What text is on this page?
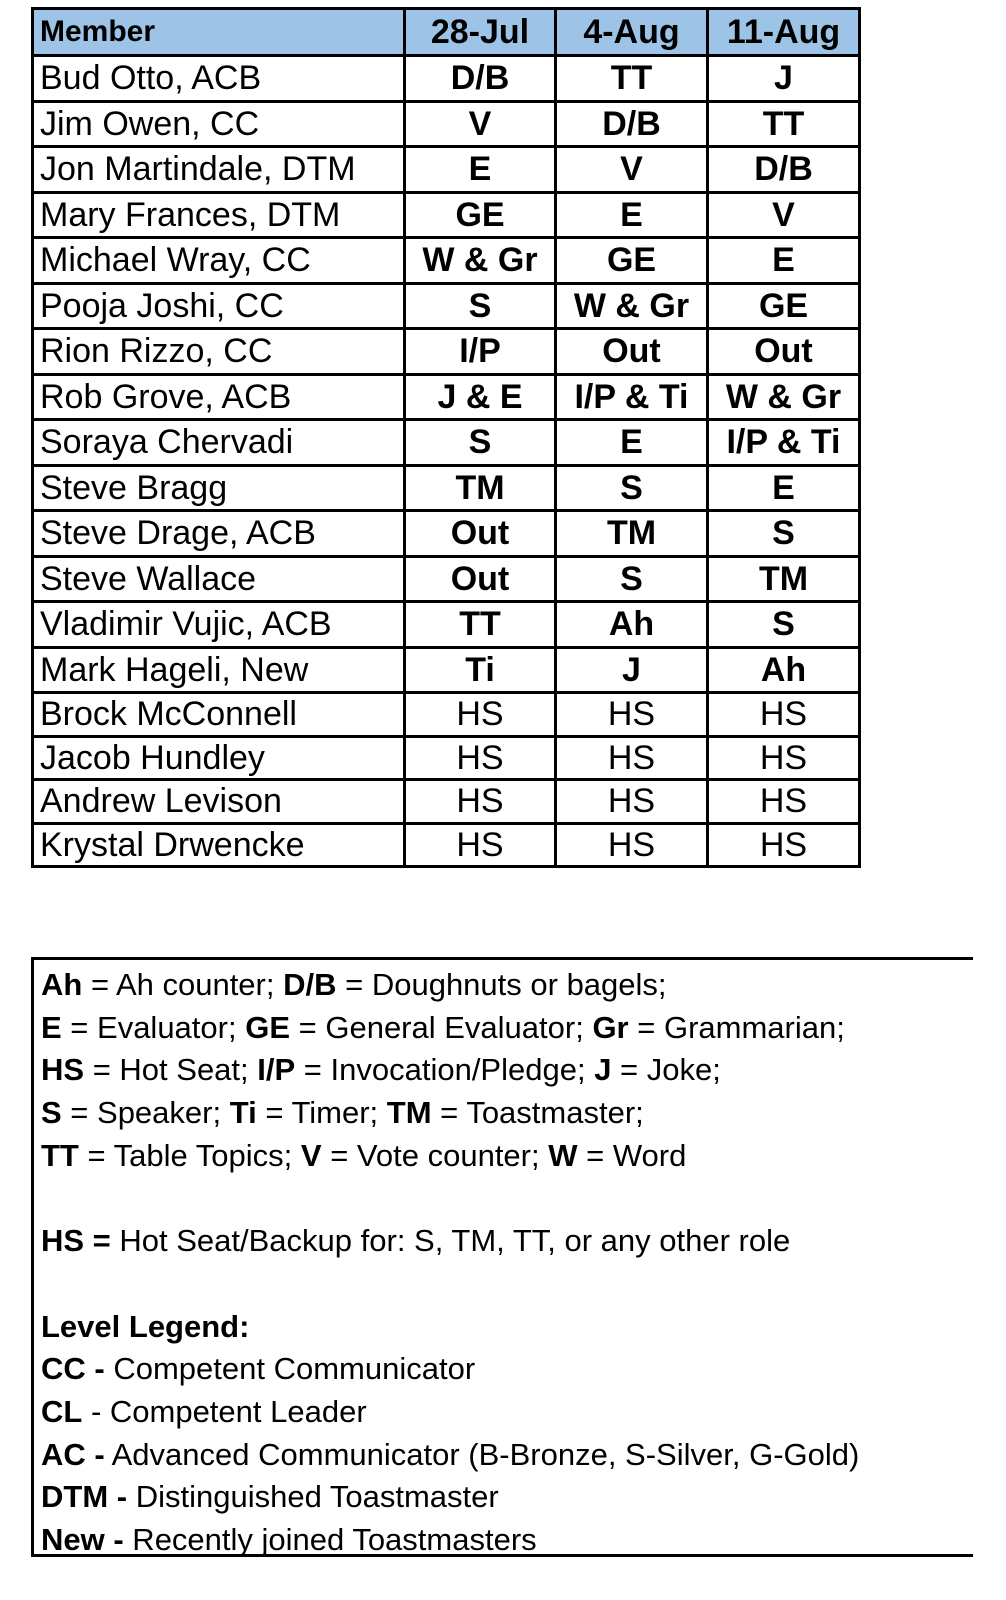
Member	28-Jul	4-Aug	11-Aug
Bud Otto, ACB	D/B	TT	J
Jim Owen, CC	V	D/B	TT
Jon Martindale, DTM	E	V	D/B
Mary Frances, DTM	GE	E	V
Michael Wray, CC	W & Gr	GE	E
Pooja Joshi, CC	S	W & Gr	GE
Rion Rizzo, CC	I/P	Out	Out
Rob Grove, ACB	J & E	I/P & Ti	W & Gr
Soraya Chervadi	S	E	I/P & Ti
Steve Bragg	TM	S	E
Steve Drage, ACB	Out	TM	S
Steve Wallace	Out	S	TM
Vladimir Vujic, ACB	TT	Ah	S
Mark Hageli, New	Ti	J	Ah
Brock McConnell	HS	HS	HS
Jacob Hundley	HS	HS	HS
Andrew Levison	HS	HS	HS
Krystal Drwencke	HS	HS	HS
Ah = Ah counter; D/B = Doughnuts or bagels;
E = Evaluator; GE = General Evaluator; Gr = Grammarian;
HS = Hot Seat; I/P = Invocation/Pledge; J = Joke;
S = Speaker; Ti = Timer; TM = Toastmaster;
TT = Table Topics; V = Vote counter; W = Word
HS = Hot Seat/Backup for: S, TM, TT, or any other role
Level Legend:
CC - Competent Communicator
CL - Competent Leader
AC - Advanced Communicator (B-Bronze, S-Silver, G-Gold)
DTM - Distinguished Toastmaster
New - Recently joined Toastmasters
